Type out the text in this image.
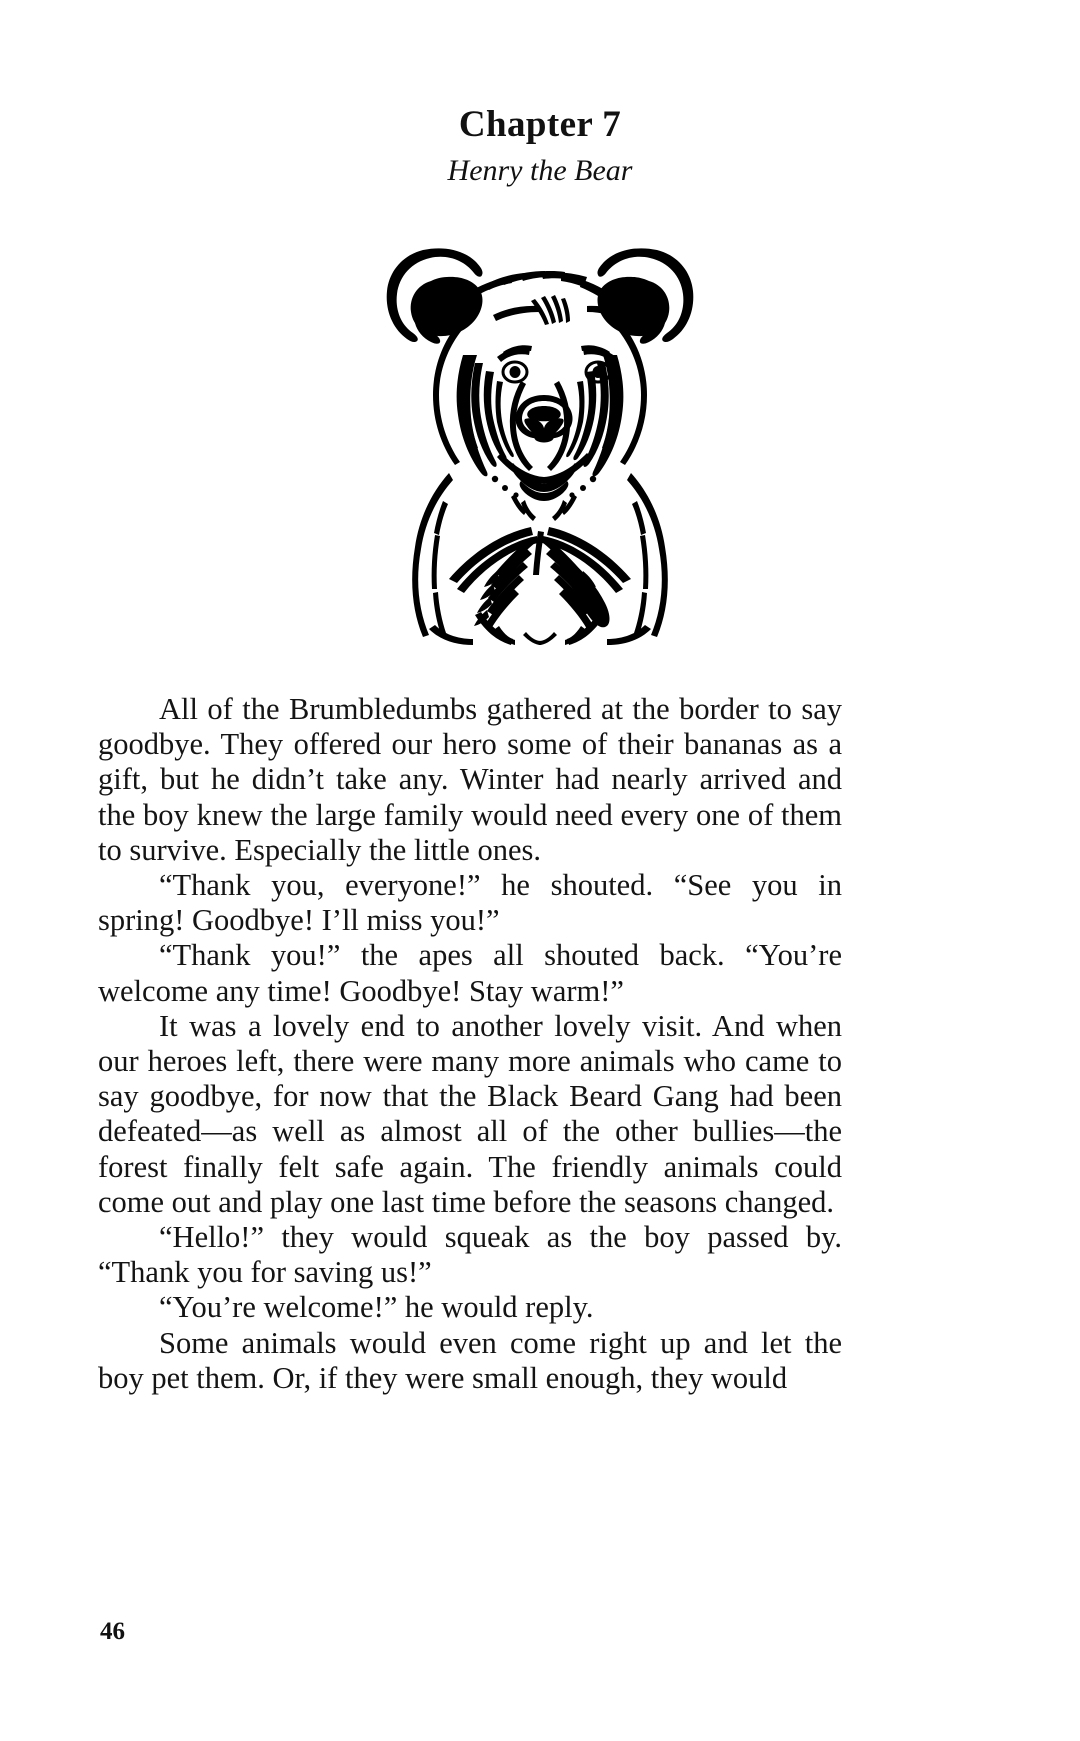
Chapter 7
Henry the Bear

All of the Brumbledumbs gathered at the border to say goodbye. They offered our hero some of their bananas as a gift, but he didn’t take any. Winter had nearly arrived and the boy knew the large family would need every one of them to survive. Especially the little ones.

“Thank you, everyone!” he shouted. “See you in spring! Goodbye! I’ll miss you!”

“Thank you!” the apes all shouted back. “You’re welcome any time! Goodbye! Stay warm!”

It was a lovely end to another lovely visit. And when our heroes left, there were many more animals who came to say goodbye, for now that the Black Beard Gang had been defeated—as well as almost all of the other bullies—the forest finally felt safe again. The friendly animals could come out and play one last time before the seasons changed.

“Hello!” they would squeak as the boy passed by. “Thank you for saving us!”

“You’re welcome!” he would reply.

Some animals would even come right up and let the boy pet them. Or, if they were small enough, they would

46
